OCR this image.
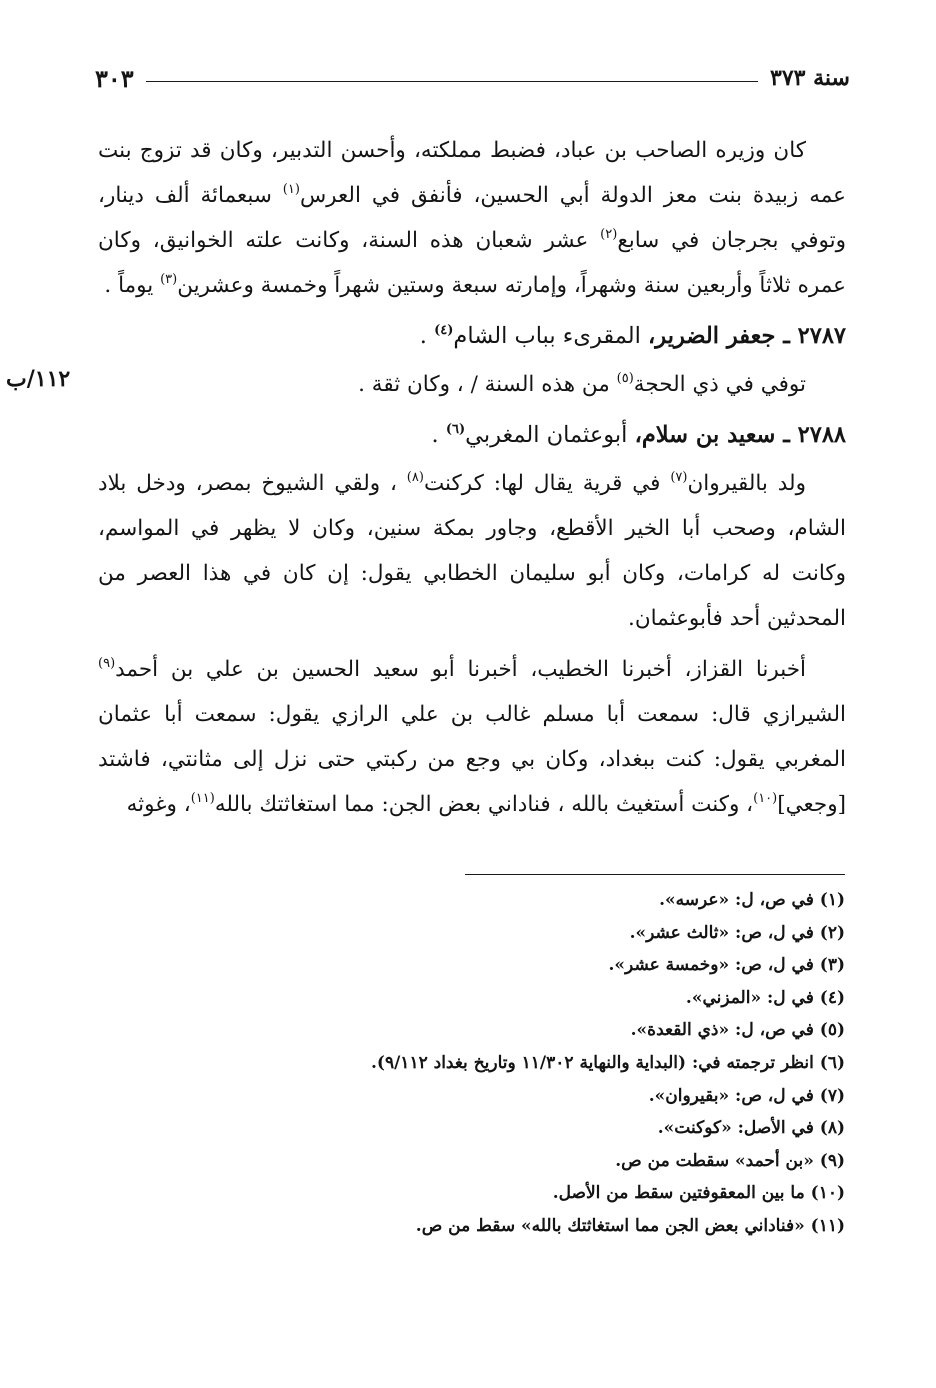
سنة ٣٧٣
٣٠٣
١١٢/ب

كان وزيره الصاحب بن عباد، فضبط مملكته، وأحسن التدبير، وكان قد تزوج بنت عمه زبيدة بنت معز الدولة أبي الحسين، فأنفق في العرس$^{(١)}$ سبعمائة ألف دينار، وتوفي بجرجان في سابع$^{(٢)}$ عشر شعبان هذه السنة، وكانت علته الخوانيق، وكان عمره ثلاثاً وأربعين سنة وشهراً، وإمارته سبعة وستين شهراً وخمسة وعشرين$^{(٣)}$ يوماً .

٢٧٨٧ ـ جعفر الضرير، المقرىء بباب الشام$^{(٤)}$ .

توفي في ذي الحجة$^{(٥)}$ من هذه السنة / ، وكان ثقة .

٢٧٨٨ ـ سعيد بن سلام، أبوعثمان المغربي$^{(٦)}$ .

ولد بالقيروان$^{(٧)}$ في قرية يقال لها: كركنت$^{(٨)}$ ، ولقي الشيوخ بمصر، ودخل بلاد الشام، وصحب أبا الخير الأقطع، وجاور بمكة سنين، وكان لا يظهر في المواسم، وكانت له كرامات، وكان أبو سليمان الخطابي يقول: إن كان في هذا العصر من المحدثين أحد فأبوعثمان.

أخبرنا القزاز، أخبرنا الخطيب، أخبرنا أبو سعيد الحسين بن علي بن أحمد$^{(٩)}$ الشيرازي قال: سمعت أبا مسلم غالب بن علي الرازي يقول: سمعت أبا عثمان المغربي يقول: كنت ببغداد، وكان بي وجع من ركبتي حتى نزل إلى مثانتي، فاشتد [وجعي]$^{(١٠)}$، وكنت أستغيث بالله ، فناداني بعض الجن: مما استغاثتك بالله$^{(١١)}$، وغوثه

(١) في ص، ل: «عرسه».

(٢) في ل، ص: «ثالث عشر».

(٣) في ل، ص: «وخمسة عشر».

(٤) في ل: «المزني».

(٥) في ص، ل: «ذي القعدة».

(٦) انظر ترجمته في: (البداية والنهاية ١١/٣٠٢ وتاريخ بغداد ٩/١١٢).

(٧) في ل، ص: «بقيروان».

(٨) في الأصل: «كوكنت».

(٩) «بن أحمد» سقطت من ص.

(١٠) ما بين المعقوفتين سقط من الأصل.

(١١) «فناداني بعض الجن مما استغاثتك بالله» سقط من ص.
